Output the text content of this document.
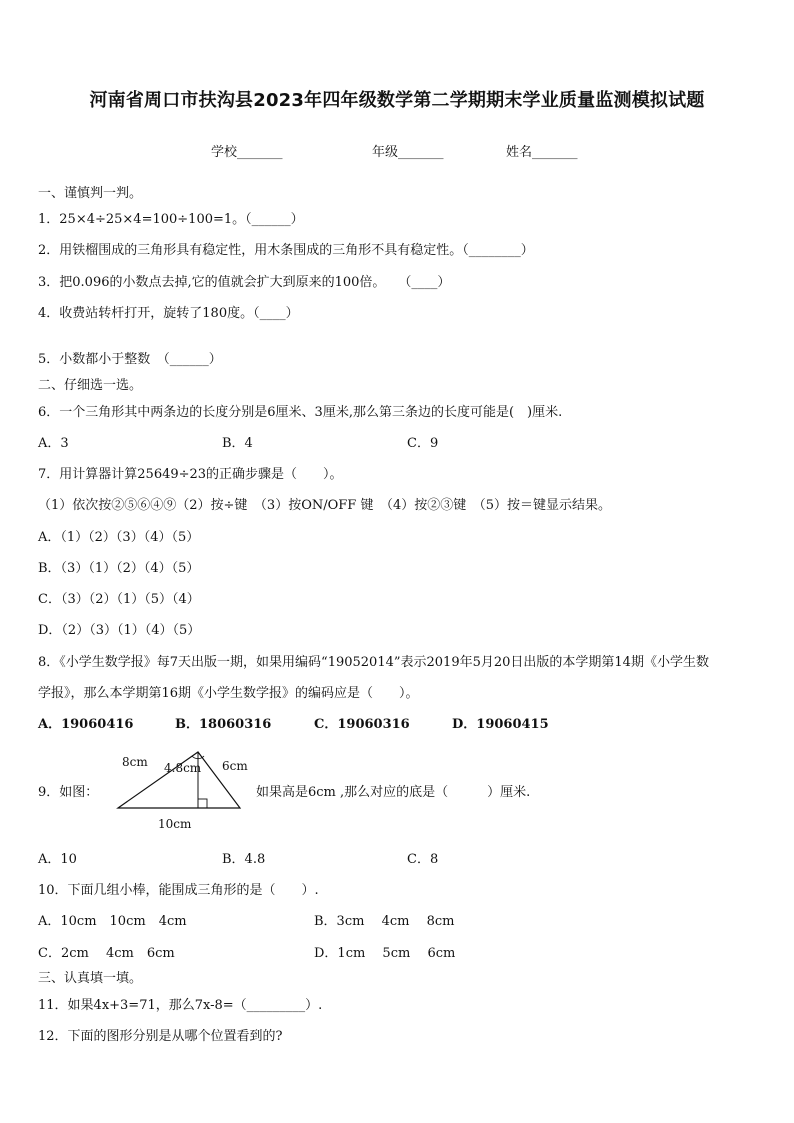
河南省周口市扶沟县2023年四年级数学第二学期期末学业质量监测模拟试题
学校_______	年级_______	姓名_______
一、谨慎判一判。
1．25×4÷25×4=100÷100=1。（______）
2．用铁榴围成的三角形具有稳定性，用木条围成的三角形不具有稳定性。（________）
3．把0.096的小数点去掉,它的值就会扩大到原来的100倍。　　（____）
4．收费站转杆打开，旋转了180度。（____）
5．小数都小于整数　（______）
二、仔细选一选。
6．一个三角形其中两条边的长度分别是6厘米、3厘米,那么第三条边的长度可能是(　)厘米.
A．3	B．4	C．9
7．用计算器计算25649÷23的正确步骤是（　　）。
（1）依次按②⑤⑥④⑨（2）按÷键　（3）按ON/OFF 键　（4）按②③键　（5）按＝键显示结果。
A．（1）（2）（3）（4）（5）
B．（3）（1）（2）（4）（5）
C．（3）（2）（1）（5）（4）
D．（2）（3）（1）（4）（5）
8．《小学生数学报》每7天出版一期，如果用编码“19052014”表示2019年5月20日出版的本学期第14期《小学生数
学报》，那么本学期第16期《小学生数学报》的编码应是（　　）。
A．19060416	B．18060316	C．19060316	D．19060415
9．如图：
8cm 4.8cm 6cm
10cm
如果高是6cm ,那么对应的底是（　　　）厘米.
A．10	B．4.8	C．8
10．下面几组小棒，能围成三角形的是（　　）.
A．10cm　10cm　4cm	B．3cm　 4cm　 8cm
C．2cm　 4cm　6cm	D．1cm　 5cm　 6cm
三、认真填一填。
11．如果4x+3=71，那么7x-8=（_________）.
12．下面的图形分别是从哪个位置看到的?
